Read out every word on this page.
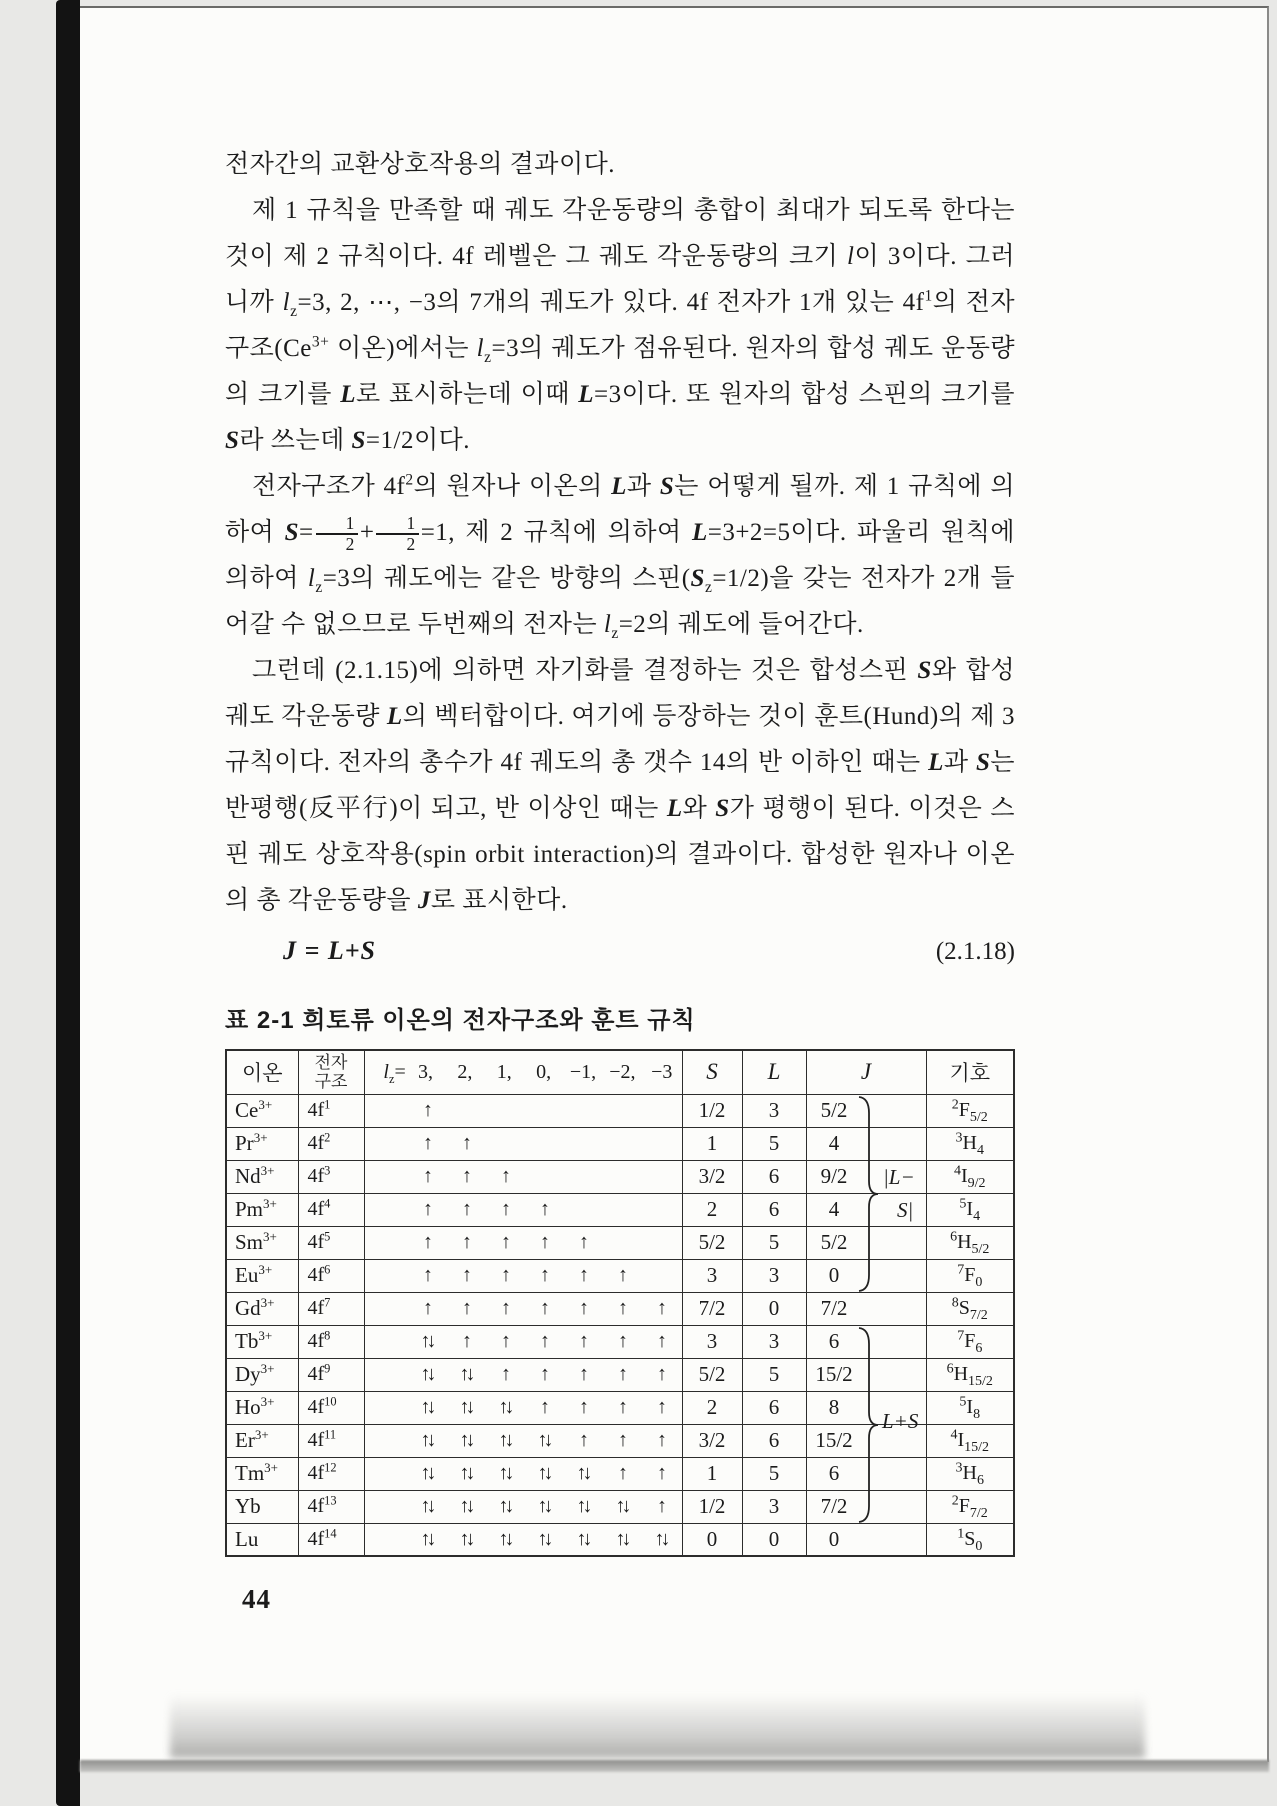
전자간의 교환상호작용의 결과이다.

제 1 규칙을 만족할 때 궤도 각운동량의 총합이 최대가 되도록 한다는 것이 제 2 규칙이다. 4f 레벨은 그 궤도 각운동량의 크기 l이 3이다. 그러니까 $l_z=3$, 2, ⋯, −3의 7개의 궤도가 있다. 4f 전자가 1개 있는 $4f^1$의 전자구조($Ce^{3+}$ 이온)에서는 $l_z=3$의 궤도가 점유된다. 원자의 합성 궤도 운동량의 크기를 L로 표시하는데 이때 L=3이다. 또 원자의 합성 스핀의 크기를 S라 쓰는데 S=1/2이다.

전자구조가 $4f^2$의 원자나 이온의 L과 S는 어떻게 될까. 제 1 규칙에 의하여 $S= \frac{1}{2} + \frac{1}{2} =1$, 제 2 규칙에 의하여 L=3+2=5이다. 파울리 원칙에 의하여 $l_z=3$의 궤도에는 같은 방향의 스핀$(S_z=1/2)$을 갖는 전자가 2개 들어갈 수 없으므로 두번째의 전자는 $l_z=2$의 궤도에 들어간다.

그런데 (2.1.15)에 의하면 자기화를 결정하는 것은 합성스핀 S와 합성 궤도 각운동량 L의 벡터합이다. 여기에 등장하는 것이 훈트(Hund)의 제 3 규칙이다. 전자의 총수가 4f 궤도의 총 갯수 14의 반 이하인 때는 L과 S는 반평행(反平行)이 되고, 반 이상인 때는 L와 S가 평행이 된다. 이것은 스핀 궤도 상호작용(spin orbit interaction)의 결과이다. 합성한 원자나 이온의 총 각운동량을 J로 표시한다.

J = L+S	(2.1.18)
표 2-1 희토류 이온의 전자구조와 훈트 규칙
이온	전자
구조	$l_z= 3$,	2,	1,	0, −1, −2, −3	S	L	J	기호
$Ce^{3+}$	$4f^1$	↑	1/2	3	5/2	$^2F_{5/2}$
$Pr^{3+}$	$4f^2$	↑ ↑	1	5	4	$^3H_4$
$Nd^{3+}$	$4f^3$	↑ ↑ ↑	3/2	6	9/2	$^4I_{9/2}$
$Pm^{3+}$	$4f^4$	↑ ↑ ↑ ↑	2	6	4	$^5I_4$
$Sm^{3+}$	$4f^5$	↑ ↑ ↑ ↑ ↑	5/2	5	5/2	$^6H_{5/2}$
$Eu^{3+}$	$4f^6$	↑	↑	↑	↑	↑	↑	3	3	0	$^7F_0$
$Gd^{3+}$	$4f^7$	↑	↑	↑	↑	↑	↑	↑	7/2	0	7/2	$^8S_{7/2}$
$Tb^{3+}$	$4f^8$	↑↓	↑	↑	↑	↑	↑	↑	3	3	6	$^7F_6$
$Dy^{3+}$	$4f^9$	↑↓	↑↓	↑	↑	↑	↑	↑	5/2	5	15/2	$^6H_{15/2}$
$Ho^{3+}$	$4f^{10}$	↑↓	↑↓	↑↓	↑	↑	↑	↑	2	6	8	$^5I_8$
$Er^{3+}$	$4f^{11}$	↑↓	↑↓	↑↓	↑↓	↑	↑	↑	3/2	6	15/2	$^4I_{15/2}$
$Tm^{3+}$	$4f^{12}$	↑↓	↑↓	↑↓	↑↓	↑↓	↑	↑	1	5	6	$^3H_6$
Yb	$4f^{13}$	↑↓	↑↓	↑↓	↑↓	↑↓	↑↓	↑	1/2	3	7/2	$^2F_{7/2}$
Lu	$4f^{14}$	↑↓	↑↓	↑↓	↑↓	↑↓	↑↓	↑↓	0	0	0	$^1S_0$
|L−
S|
L+S
44
